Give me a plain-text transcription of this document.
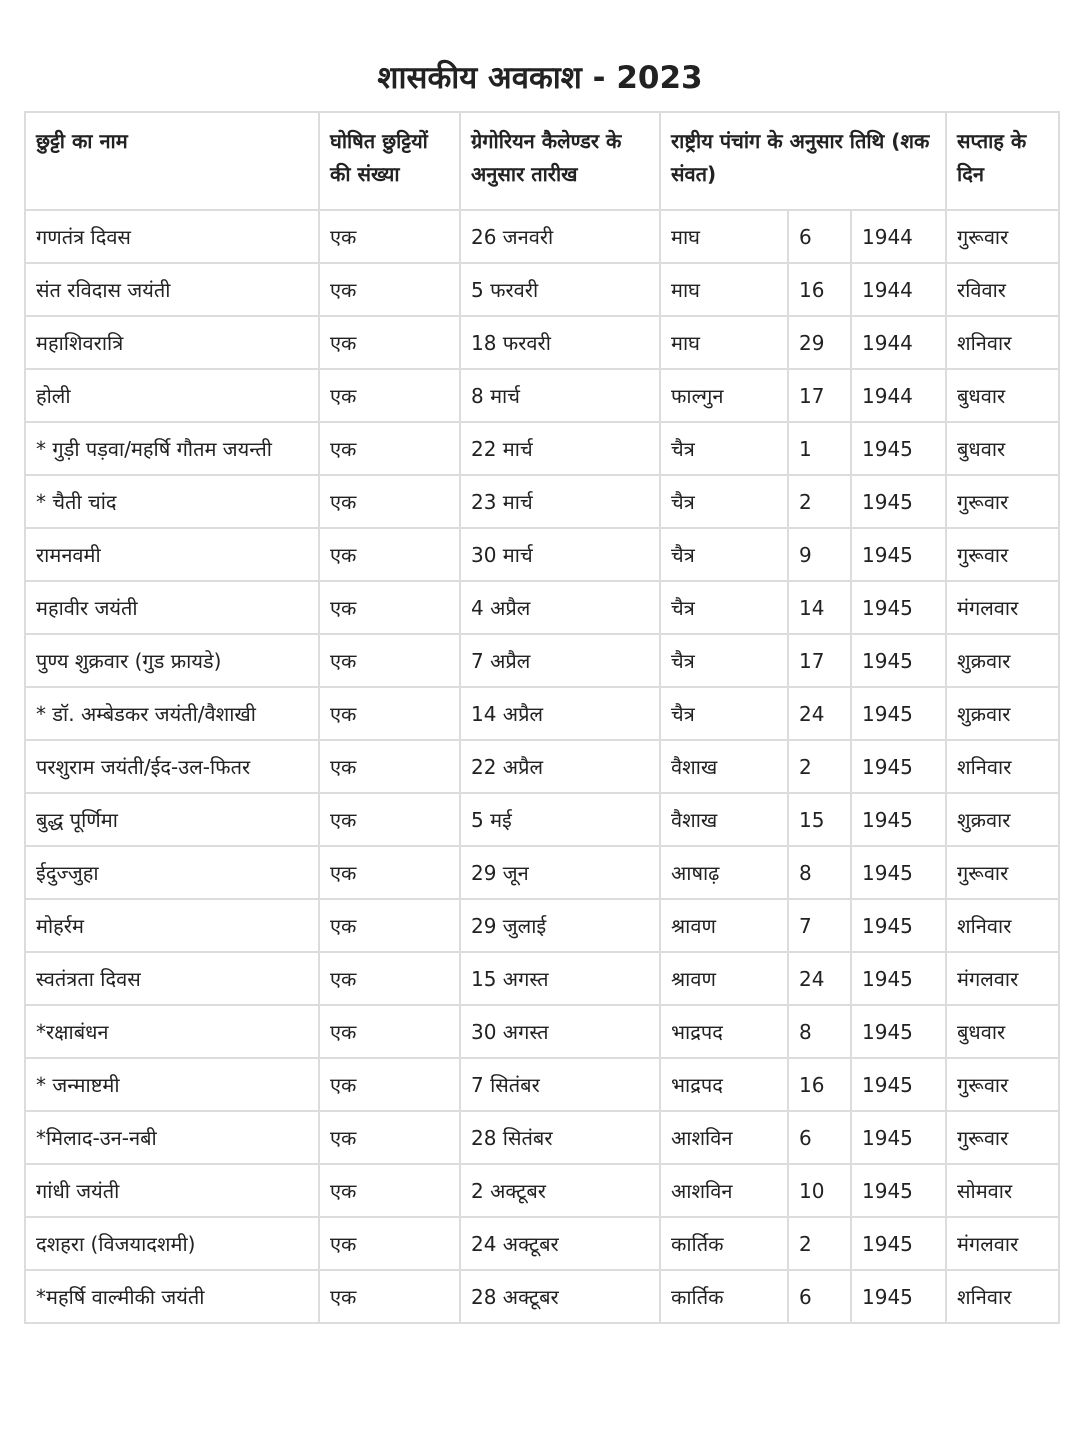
शासकीय अवकाश - 2023
छुट्टी का नाम	घोषित छुट्टियों की संख्या	ग्रेगोरियन कैलेण्डर के अनुसार तारीख	राष्ट्रीय पंचांग के अनुसार तिथि (शक संवत)			सप्ताह के दिन
गणतंत्र दिवस	एक	26 जनवरी	माघ	6	1944	गुरूवार
संत रविदास जयंती	एक	5 फरवरी	माघ	16	1944	रविवार
महाशिवरात्रि	एक	18 फरवरी	माघ	29	1944	शनिवार
होली	एक	8 मार्च	फाल्गुन	17	1944	बुधवार
* गुड़ी पड़वा/महर्षि गौतम जयन्ती	एक	22 मार्च	चैत्र	1	1945	बुधवार
* चैती चांद	एक	23 मार्च	चैत्र	2	1945	गुरूवार
रामनवमी	एक	30 मार्च	चैत्र	9	1945	गुरूवार
महावीर जयंती	एक	4 अप्रैल	चैत्र	14	1945	मंगलवार
पुण्य शुक्रवार (गुड फ्रायडे)	एक	7 अप्रैल	चैत्र	17	1945	शुक्रवार
* डॉ. अम्बेडकर जयंती/वैशाखी	एक	14 अप्रैल	चैत्र	24	1945	शुक्रवार
परशुराम जयंती/ईद-उल-फितर	एक	22 अप्रैल	वैशाख	2	1945	शनिवार
बुद्ध पूर्णिमा	एक	5 मई	वैशाख	15	1945	शुक्रवार
ईदुज्जुहा	एक	29 जून	आषाढ़	8	1945	गुरूवार
मोहर्रम	एक	29 जुलाई	श्रावण	7	1945	शनिवार
स्वतंत्रता दिवस	एक	15 अगस्त	श्रावण	24	1945	मंगलवार
*रक्षाबंधन	एक	30 अगस्त	भाद्रपद	8	1945	बुधवार
* जन्माष्टमी	एक	7 सितंबर	भाद्रपद	16	1945	गुरूवार
*मिलाद-उन-नबी	एक	28 सितंबर	आशविन	6	1945	गुरूवार
गांधी जयंती	एक	2 अक्टूबर	आशविन	10	1945	सोमवार
दशहरा (विजयादशमी)	एक	24 अक्टूबर	कार्तिक	2	1945	मंगलवार
*महर्षि वाल्मीकी जयंती	एक	28 अक्टूबर	कार्तिक	6	1945	शनिवार
